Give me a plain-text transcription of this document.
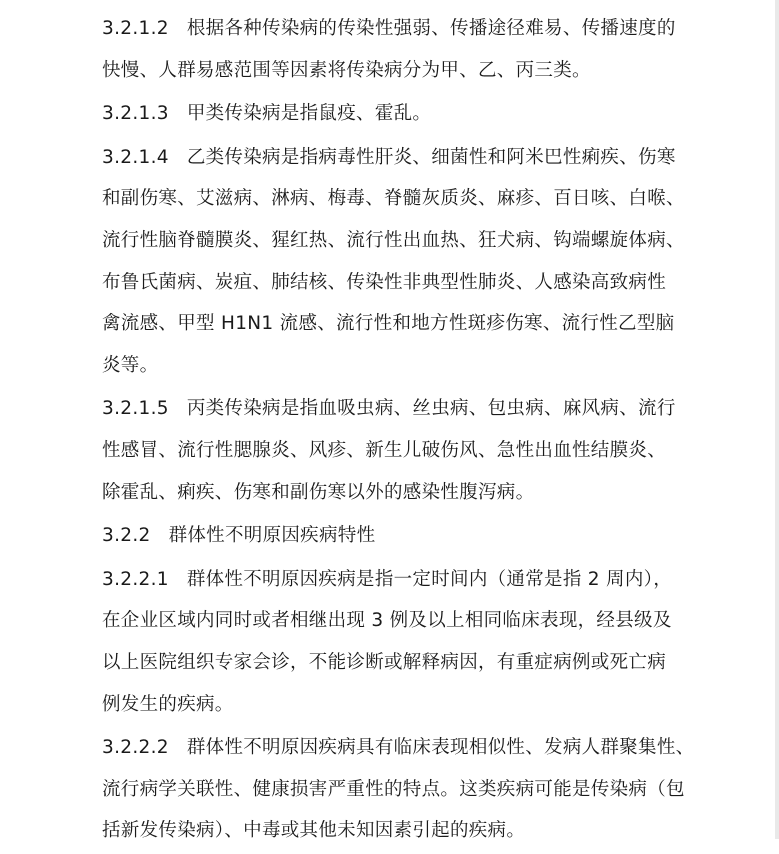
3.2.1.2 根据各种传染病的传染性强弱、传播途径难易、传播速度的
快慢、人群易感范围等因素将传染病分为甲、乙、丙三类。
3.2.1.3 甲类传染病是指鼠疫、霍乱。
3.2.1.4 乙类传染病是指病毒性肝炎、细菌性和阿米巴性痢疾、伤寒
和副伤寒、艾滋病、淋病、梅毒、脊髓灰质炎、麻疹、百日咳、白喉、
流行性脑脊髓膜炎、猩红热、流行性出血热、狂犬病、钩端螺旋体病、
布鲁氏菌病、炭疽、肺结核、传染性非典型性肺炎、人感染高致病性
禽流感、甲型 H1N1 流感、流行性和地方性斑疹伤寒、流行性乙型脑
炎等。
3.2.1.5 丙类传染病是指血吸虫病、丝虫病、包虫病、麻风病、流行
性感冒、流行性腮腺炎、风疹、新生儿破伤风、急性出血性结膜炎、
除霍乱、痢疾、伤寒和副伤寒以外的感染性腹泻病。
3.2.2 群体性不明原因疾病特性
3.2.2.1 群体性不明原因疾病是指一定时间内（通常是指 2 周内），
在企业区域内同时或者相继出现 3 例及以上相同临床表现，经县级及
以上医院组织专家会诊，不能诊断或解释病因，有重症病例或死亡病
例发生的疾病。
3.2.2.2 群体性不明原因疾病具有临床表现相似性、发病人群聚集性、
流行病学关联性、健康损害严重性的特点。这类疾病可能是传染病（包
括新发传染病）、中毒或其他未知因素引起的疾病。
